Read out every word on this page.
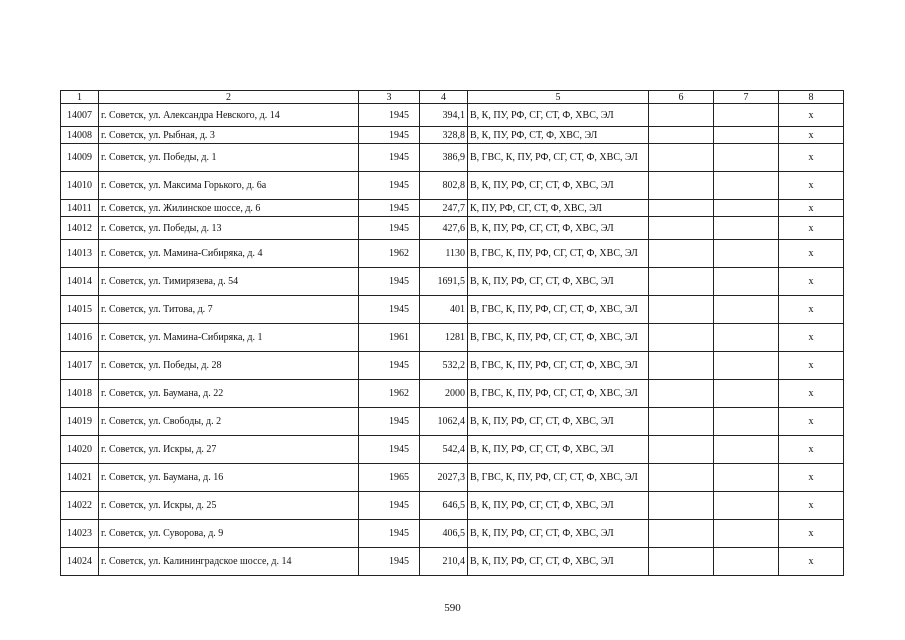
1	2	3	4	5	6	7	8
14007	г. Советск, ул. Александра Невского, д. 14	1945	394,1	В, К, ПУ, РФ, СГ, СТ, Ф, ХВС, ЭЛ			х
14008	г. Советск, ул. Рыбная, д. 3	1945	328,8	В, К, ПУ, РФ, СТ, Ф, ХВС, ЭЛ			х
14009	г. Советск, ул. Победы, д. 1	1945	386,9	В, ГВС, К, ПУ, РФ, СГ, СТ, Ф, ХВС, ЭЛ			х
14010	г. Советск, ул. Максима Горького, д. 6а	1945	802,8	В, К, ПУ, РФ, СГ, СТ, Ф, ХВС, ЭЛ			х
14011	г. Советск, ул. Жилинское шоссе, д. 6	1945	247,7	К, ПУ, РФ, СГ, СТ, Ф, ХВС, ЭЛ			х
14012	г. Советск, ул. Победы, д. 13	1945	427,6	В, К, ПУ, РФ, СГ, СТ, Ф, ХВС, ЭЛ			х
14013	г. Советск, ул. Мамина-Сибиряка, д. 4	1962	1130	В, ГВС, К, ПУ, РФ, СГ, СТ, Ф, ХВС, ЭЛ			х
14014	г. Советск, ул. Тимирязева, д. 54	1945	1691,5	В, К, ПУ, РФ, СГ, СТ, Ф, ХВС, ЭЛ			х
14015	г. Советск, ул. Титова, д. 7	1945	401	В, ГВС, К, ПУ, РФ, СГ, СТ, Ф, ХВС, ЭЛ			х
14016	г. Советск, ул. Мамина-Сибиряка, д. 1	1961	1281	В, ГВС, К, ПУ, РФ, СГ, СТ, Ф, ХВС, ЭЛ			х
14017	г. Советск, ул. Победы, д. 28	1945	532,2	В, ГВС, К, ПУ, РФ, СГ, СТ, Ф, ХВС, ЭЛ			х
14018	г. Советск, ул. Баумана, д. 22	1962	2000	В, ГВС, К, ПУ, РФ, СГ, СТ, Ф, ХВС, ЭЛ			х
14019	г. Советск, ул. Свободы, д. 2	1945	1062,4	В, К, ПУ, РФ, СГ, СТ, Ф, ХВС, ЭЛ			х
14020	г. Советск, ул. Искры, д. 27	1945	542,4	В, К, ПУ, РФ, СГ, СТ, Ф, ХВС, ЭЛ			х
14021	г. Советск, ул. Баумана, д. 16	1965	2027,3	В, ГВС, К, ПУ, РФ, СГ, СТ, Ф, ХВС, ЭЛ			х
14022	г. Советск, ул. Искры, д. 25	1945	646,5	В, К, ПУ, РФ, СГ, СТ, Ф, ХВС, ЭЛ			х
14023	г. Советск, ул. Суворова, д. 9	1945	406,5	В, К, ПУ, РФ, СГ, СТ, Ф, ХВС, ЭЛ			х
14024	г. Советск, ул. Калининградское шоссе, д. 14	1945	210,4	В, К, ПУ, РФ, СГ, СТ, Ф, ХВС, ЭЛ			х
590
